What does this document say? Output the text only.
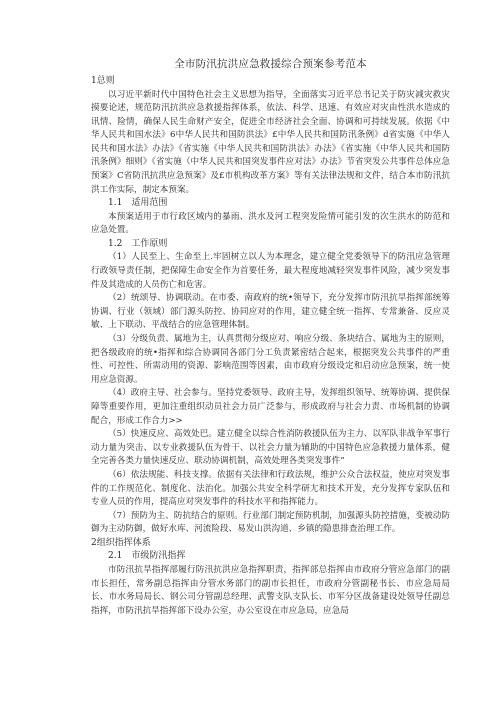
全市防汛抗洪应急救援综合预案参考范本
1总则
以习近平新时代中国特色社会主义思想为指导，全面落实习近平总书记关于防灾减灾救灾摸要论述，规范防汛抗洪应急救援指挥体系，依法、科学、迅速、有效应对灾由性洪水造成的讯情、险情，确保人民生命财产安全，促进全市经济社会全面、协调和可持续发展。依据《中华人民共和国水法》6中华人民共和国防洪法》£中华人民共和国防汛条例》d省实施《中华人民共和国水法》办法》《省实施《中华人民共和国防洪法》办法》《省实施《中华人民共和国防汛条例》细则》《省实施（中华人民共和国突发事件应对法》办法》节省突发公共事件总体应急预案》C省防汛抗洪应急预案》及£市机构改革方案》等有关法律法规和文件，结合本市防汛抗洪工作实际，制定本预案。
1.1　适用范围
本预案适用于市行政区域内的暴雨、洪水及河工程突发险情可能引发的次生洪水的防范和应急处置。
1.2　工作原则
（1）人民至上、生命至上.牢固树立以人为本理念，建立健全党委领导下的防汛应急管理行政领导责任制，把保障生命安全作为首要任务，最大程度地减轻突发事件风险，减少突发事件及其造成的人员伤亡和危害。
（2）统颂导、协调联动。在市委、南政府的统•领导下，充分发挥市防汛抗旱指挥部统筹协调、行业（领域）部门源头防控、协同应对的作用，建立健全统一指挥、专常兼备、反应灵敏、上下联动、平战结合的应急管理体制。
（3）分级负责、属地为主，认真贯彻分级应对、响应分级、条块结合、属地为主的原则，把各级政府的统•指挥和综合协调同各部门分工负责紧密结合起来，根据突发公共事件的严重性、可控性、所需动用的资源、影响范围等因素，由市政府分级设定和启动应急预案，统一使用应急资源。
（4）政府主导、社会参与。坚持党委领导、政府主导，发挥组织领导、统筹协调、提供保障等重要作用，更加注重组织动员社会力员广泛参与，形成政府与社会力责、市场机制的协调配合，形成工作合力>>
（5）快速反应、高效处巴。建立健全以综合性消防救援队伍为主力、以军队非战争军事行动力量为突击、以专业救援队伍为骨干、以社会力量为辅助的中国特色应急救援力量体系，健全完善各类力量快速反应、联动协调机制，高效处理各类突发事件“
（6）依法规能、科技支撑。依据有关法律和行政法规，维护公众合法权益，使应对突发事件的工作规范化、制度化、法治化。加强公共安全科学研尢和技术开发，充分发挥专家队伍和专业人员的作用，提高应对突发事件的科技水平和指挥能力。
（7）预防为主、防抗结合的原则。行业部门制定预防机制，加强源头防控措施，变被动防御为主动防御，做好水库、河流险段、易发山洪沟道、乡镇的隐患排查治理工作。
2组织指挥体系
2.1　市级防汛指挥
市防汛抗旱指挥部履行防汛抗洪应急指挥职责，指挥部总指挥由市政府分管应急部门的副市长担任，常务副总指挥由分管水务部门的副市长担任，市政府分管副秘书长、市应急局局长、市水务局局长、钢公司分管副总经理、武警支队支队长、市军分区战备建设处领导任副总指挥，市防汛抗旱指挥部下设办公室，办公室设在市应急局，应急局
